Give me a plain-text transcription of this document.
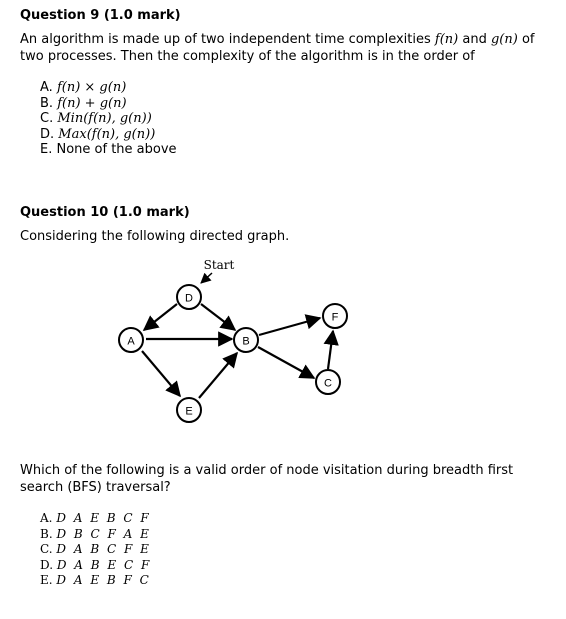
Question 9 (1.0 mark)
An algorithm is made up of two independent time complexities f(n) and g(n) of two processes. Then the complexity of the algorithm is in the order of
A. f(n) × g(n)
B. f(n) + g(n)
C. Min(f(n), g(n))
D. Max(f(n), g(n))
E. None of the above
Question 10 (1.0 mark)
Considering the following directed graph.
Start
D
A	B
E
F
C
Which of the following is a valid order of node visitation during breadth first search (BFS) traversal?
A. D A E B C F
B. D B C F A E
C. D A B C F E
D. D A B E C F
E. D A E B F C
